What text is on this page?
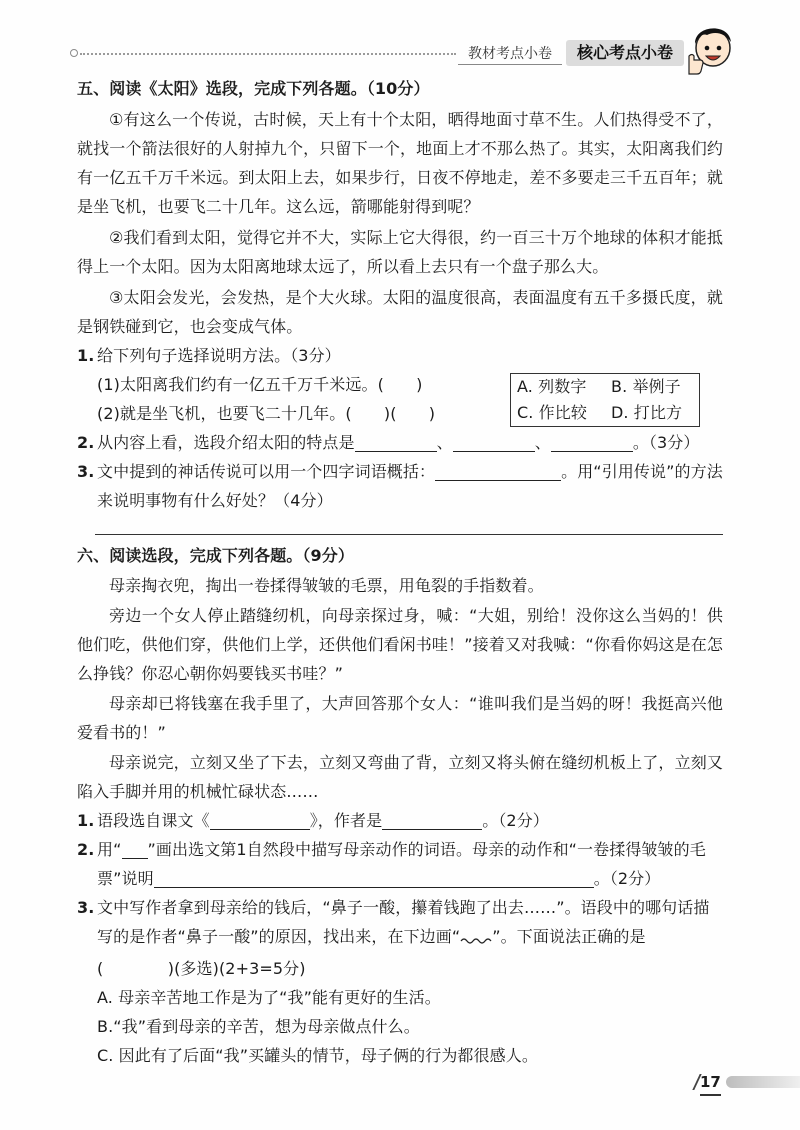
教材考点小卷	核心考点小卷

五、阅读《太阳》选段，完成下列各题。（10分）

①有这么一个传说，古时候，天上有十个太阳，晒得地面寸草不生。人们热得受不了，就找一个箭法很好的人射掉九个，只留下一个，地面上才不那么热了。其实，太阳离我们约有一亿五千万千米远。到太阳上去，如果步行，日夜不停地走，差不多要走三千五百年；就是坐飞机，也要飞二十几年。这么远，箭哪能射得到呢？

②我们看到太阳，觉得它并不大，实际上它大得很，约一百三十万个地球的体积才能抵得上一个太阳。因为太阳离地球太远了，所以看上去只有一个盘子那么大。

③太阳会发光，会发热，是个大火球。太阳的温度很高，表面温度有五千多摄氏度，就是钢铁碰到它，也会变成气体。

1. 给下列句子选择说明方法。（3分）

(1)太阳离我们约有一亿五千万千米远。(　　)

(2)就是坐飞机，也要飞二十几年。(　　)(　　)

A. 列数字	B. 举例子
C. 作比较	D. 打比方

2. 从内容上看，选段介绍太阳的特点是	、	、	。（3分）

3. 文中提到的神话传说可以用一个四字词语概括：	。用“引用传说”的方法来说明事物有什么好处？（4分）

六、阅读选段，完成下列各题。（9分）

母亲掏衣兜，掏出一卷揉得皱皱的毛票，用龟裂的手指数着。

旁边一个女人停止踏缝纫机，向母亲探过身，喊：“大姐，别给！没你这么当妈的！供他们吃，供他们穿，供他们上学，还供他们看闲书哇！”接着又对我喊：“你看你妈这是在怎么挣钱？你忍心朝你妈要钱买书哇？”

母亲却已将钱塞在我手里了，大声回答那个女人：“谁叫我们是当妈的呀！我挺高兴他爱看书的！”

母亲说完，立刻又坐了下去，立刻又弯曲了背，立刻又将头俯在缝纫机板上了，立刻又陷入手脚并用的机械忙碌状态……

1. 语段选自课文《	》，作者是	。（2分）

2. 用“ ”画出选文第1自然段中描写母亲动作的词语。母亲的动作和“一卷揉得皱皱的毛票”说明	。（2分）

3. 文中写作者拿到母亲给的钱后，“鼻子一酸，攥着钱跑了出去……”。语段中的哪句话描写的是作者“鼻子一酸”的原因，找出来，在下边画“ ”。下面说法正确的是
(　　　　)(多选)(2+3=5分)

A. 母亲辛苦地工作是为了“我”能有更好的生活。

B.“我”看到母亲的辛苦，想为母亲做点什么。

C. 因此有了后面“我”买罐头的情节，母子俩的行为都很感人。

17
